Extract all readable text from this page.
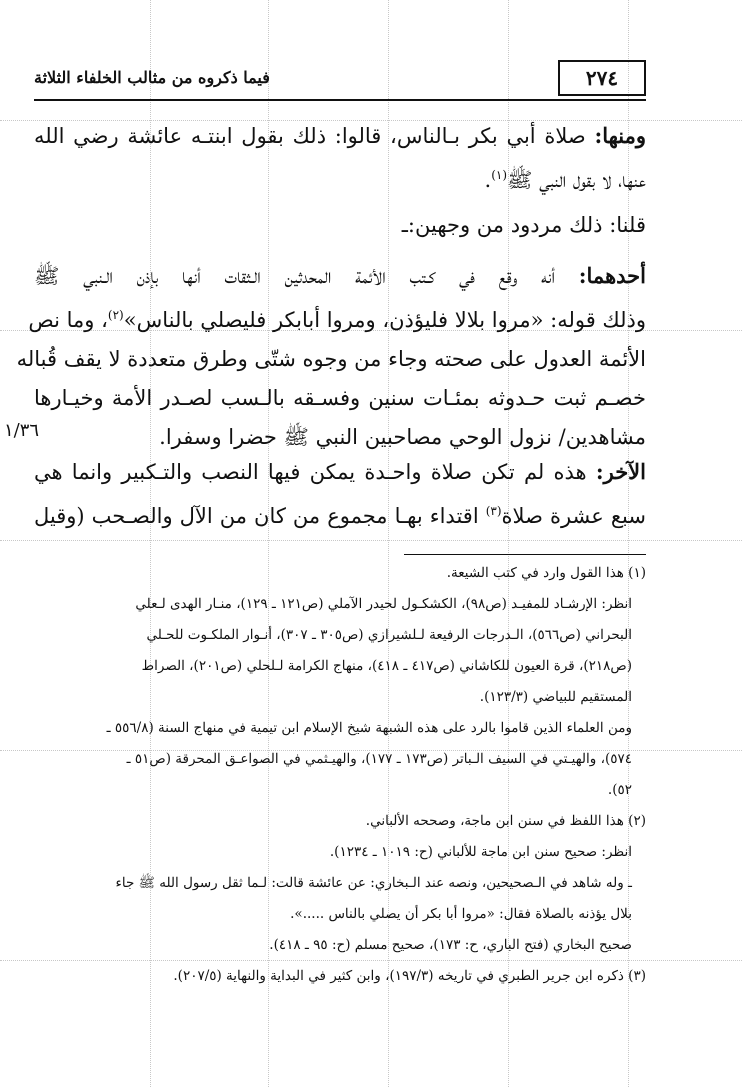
٢٧٤
فيما ذكروه من مثالب الخلفاء الثلاثة
١/٣٦

ومنها: صلاة أبي بكر بـالناس، قالوا: ذلك بقول ابنتـه عائشة رضي الله
عنها، لا بقول النبي ﷺ$^{(١)}$.

قلنا: ذلك مردود من وجهين:ـ

أحدهما: أنه وقع في كـتب الأئمة المحدثين الـثقات أنها بإذن الـنبي ﷺ
وذلك قوله: «مروا بلالا فليؤذن، ومروا أبابكر فليصلي بالناس»$^{(٢)}$، وما نص
الأئمة العدول على صحته وجاء من وجوه شتّى وطرق متعددة لا يقف قُباله
خصـم ثبت حـدوثه بمئـات سنين وفسـقه بالـسب لصـدر الأمة وخيـارها
مشاهدين/ نزول الوحي مصاحبين النبي ﷺ حضرا وسفرا.

الآخر: هذه لم تكن صلاة واحـدة يمكن فيها النصب والتـكبير وانما هي
سبع عشرة صلاة$^{(٣)}$ اقتداء بهـا مجموع من كان من الآل والصـحب (وقيل

(١) هذا القول وارد في كتب الشيعة.

انظر: الإرشـاد للمفيـد (ص٩٨)، الكشكـول لحيدر الآملي (ص١٢١ ـ ١٢٩)، منـار الهدى لـعلي

البحراني (ص٥٦٦)، الـدرجات الرفيعة لـلشيرازي (ص٣٠٥ ـ ٣٠٧)، أنـوار الملكـوت للحـلي

(ص٢١٨)، قرة العيون للكاشاني (ص٤١٧ ـ ٤١٨)، منهاج الكرامة لـلحلي (ص٢٠١)، الصراط

المستقيم للبياضي (١٢٣/٣).

ومن العلماء الذين قاموا بالرد على هذه الشبهة شيخ الإسلام ابن تيمية في منهاج السنة (٥٥٦/٨ ـ

٥٧٤)، والهيـتي في السيف الـباتر (ص١٧٣ ـ ١٧٧)، والهيـثمي في الصواعـق المحرقة (ص٥١ ـ

٥٢).

(٢) هذا اللفظ في سنن ابن ماجة، وصححه الألباني.

انظر: صحيح سنن ابن ماجة للألباني (ح: ١٠١٩ ـ ١٢٣٤).

ـ وله شاهد في الـصحيحين، ونصه عند الـبخاري: عن عائشة قالت: لـما ثقل رسول الله ﷺ جاء

بلال يؤذنه بالصلاة فقال: «مروا أبا بكر أن يصلي بالناس .....».

صحيح البخاري (فتح الباري، ح: ١٧٣)، صحيح مسلم (ح: ٩٥ ـ ٤١٨).

(٣) ذكره ابن جرير الطبري في تاريخه (١٩٧/٣)، وابن كثير في البداية والنهاية (٢٠٧/٥).
